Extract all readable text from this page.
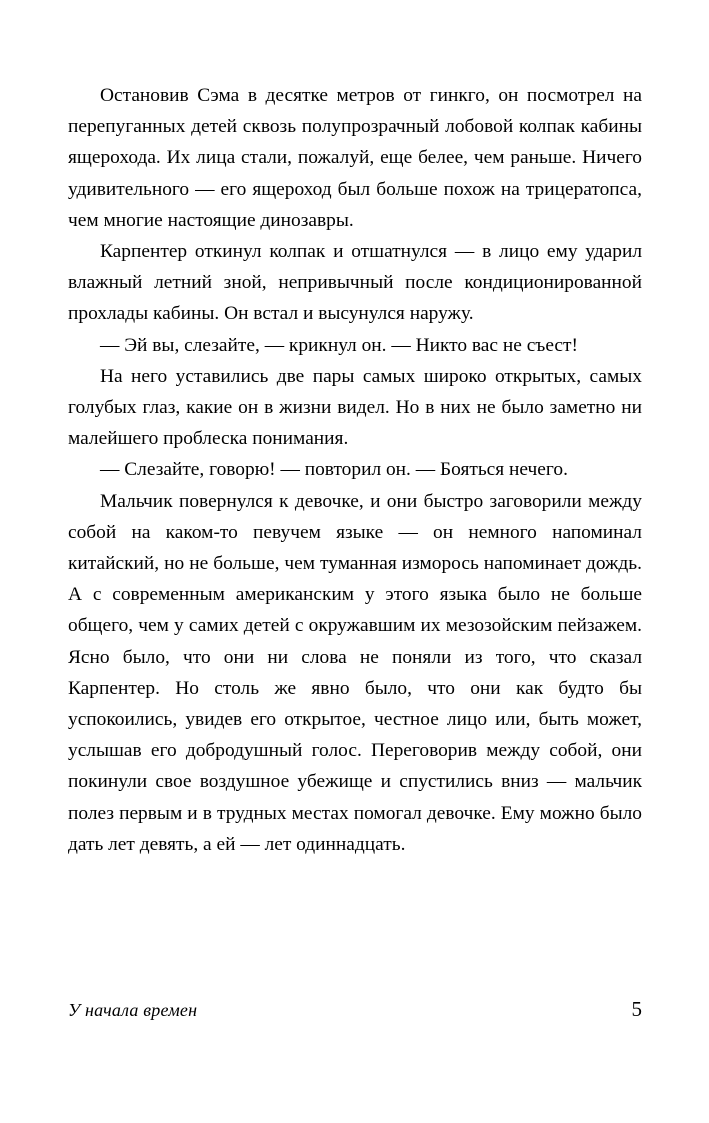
Остановив Сэма в десятке метров от гинкго, он посмотрел на перепуганных детей сквозь полупрозрачный лобовой колпак кабины ящерохода. Их лица стали, пожалуй, еще белее, чем раньше. Ничего удивительного — его ящероход был больше похож на трицератопса, чем многие настоящие динозавры.

Карпентер откинул колпак и отшатнулся — в лицо ему ударил влажный летний зной, непривычный после кондиционированной прохлады кабины. Он встал и высунулся наружу.

— Эй вы, слезайте, — крикнул он. — Никто вас не съест!

На него уставились две пары самых широко открытых, самых голубых глаз, какие он в жизни видел. Но в них не было заметно ни малейшего проблеска понимания.

— Слезайте, говорю! — повторил он. — Бояться нечего.

Мальчик повернулся к девочке, и они быстро заговорили между собой на каком-то певучем языке — он немного напоминал китайский, но не больше, чем туманная изморось напоминает дождь. А с современным американским у этого языка было не больше общего, чем у самих детей с окружавшим их мезозойским пейзажем. Ясно было, что они ни слова не поняли из того, что сказал Карпентер. Но столь же явно было, что они как будто бы успокоились, увидев его открытое, честное лицо или, быть может, услышав его добродушный голос. Переговорив между собой, они покинули свое воздушное убежище и спустились вниз — мальчик полез первым и в трудных местах помогал девочке. Ему можно было дать лет девять, а ей — лет одиннадцать.

У начала времен	5
